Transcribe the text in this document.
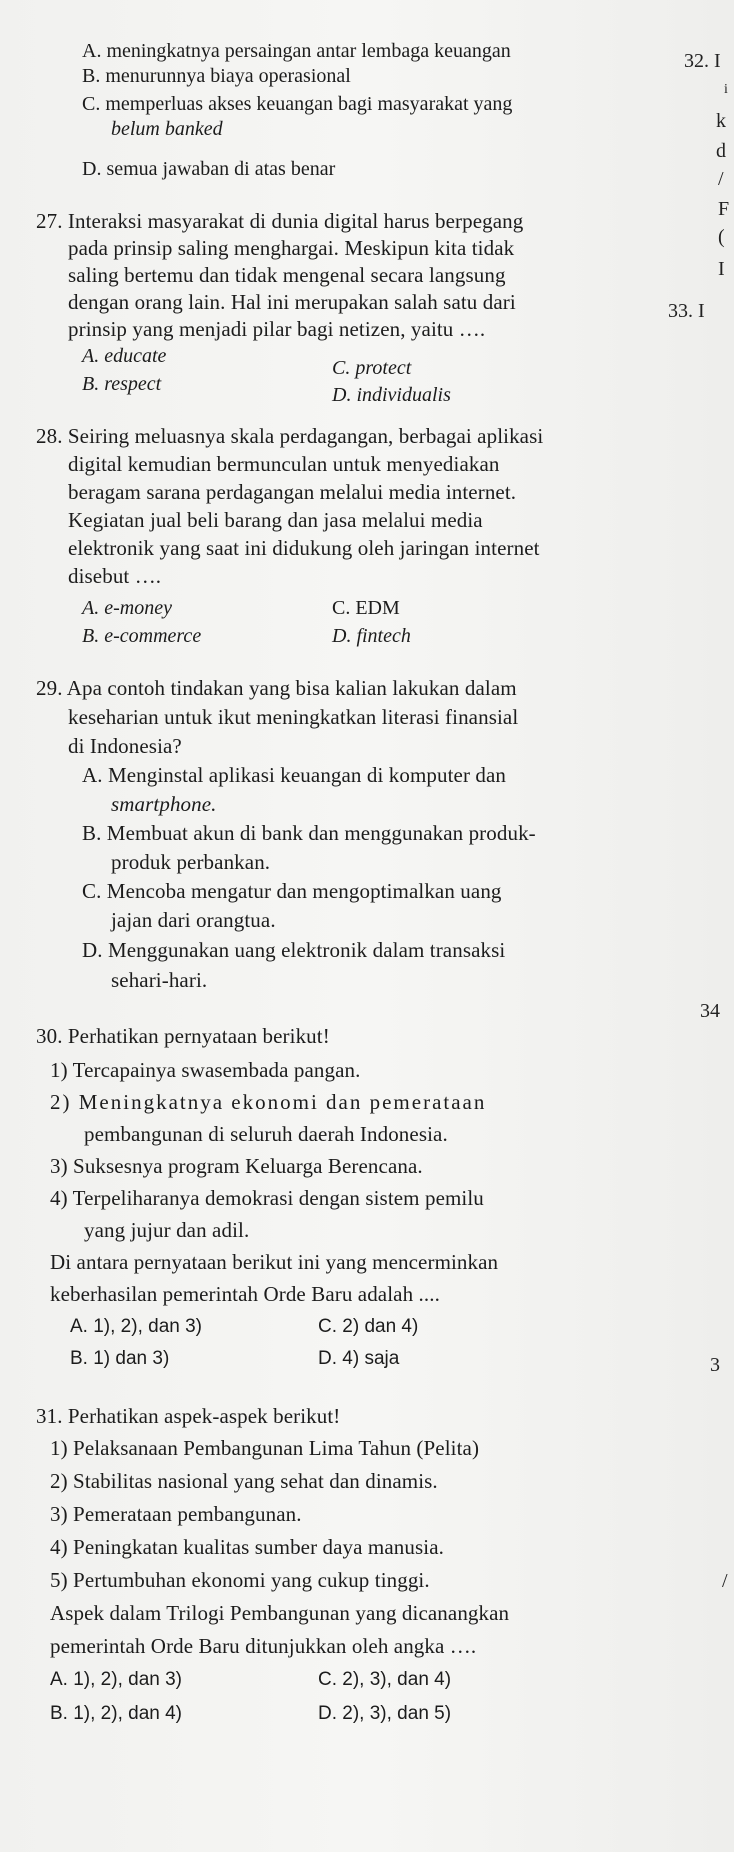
A. meningkatnya persaingan antar lembaga keuangan
B. menurunnya biaya operasional
C. memperluas akses keuangan bagi masyarakat yang
belum banked
D. semua jawaban di atas benar
27. Interaksi masyarakat di dunia digital harus berpegang
pada prinsip saling menghargai. Meskipun kita tidak
saling bertemu dan tidak mengenal secara langsung
dengan orang lain. Hal ini merupakan salah satu dari
prinsip yang menjadi pilar bagi netizen, yaitu ….
A. educate
B. respect
C. protect
D. individualis
28. Seiring meluasnya skala perdagangan, berbagai aplikasi
digital kemudian bermunculan untuk menyediakan
beragam sarana perdagangan melalui media internet.
Kegiatan jual beli barang dan jasa melalui media
elektronik yang saat ini didukung oleh jaringan internet
disebut ….
A. e-money
B. e-commerce
C. EDM
D. fintech
29. Apa contoh tindakan yang bisa kalian lakukan dalam
keseharian untuk ikut meningkatkan literasi finansial
di Indonesia?
A. Menginstal aplikasi keuangan di komputer dan
smartphone.
B. Membuat akun di bank dan menggunakan produk-
produk perbankan.
C. Mencoba mengatur dan mengoptimalkan uang
jajan dari orangtua.
D. Menggunakan uang elektronik dalam transaksi
sehari-hari.
30. Perhatikan pernyataan berikut!
1) Tercapainya swasembada pangan.
2) Meningkatnya ekonomi dan pemerataan
pembangunan di seluruh daerah Indonesia.
3) Suksesnya program Keluarga Berencana.
4) Terpeliharanya demokrasi dengan sistem pemilu
yang jujur dan adil.
Di antara pernyataan berikut ini yang mencerminkan
keberhasilan pemerintah Orde Baru adalah ....
A. 1), 2), dan 3)
B. 1) dan 3)
C. 2) dan 4)
D. 4) saja
31. Perhatikan aspek-aspek berikut!
1) Pelaksanaan Pembangunan Lima Tahun (Pelita)
2) Stabilitas nasional yang sehat dan dinamis.
3) Pemerataan pembangunan.
4) Peningkatan kualitas sumber daya manusia.
5) Pertumbuhan ekonomi yang cukup tinggi.
Aspek dalam Trilogi Pembangunan yang dicanangkan
pemerintah Orde Baru ditunjukkan oleh angka ….
A. 1), 2), dan 3)
B. 1), 2), dan 4)
C. 2), 3), dan 4)
D. 2), 3), dan 5)
32. I
i
k
d
/
F
(
I
33. I
34
3
/
